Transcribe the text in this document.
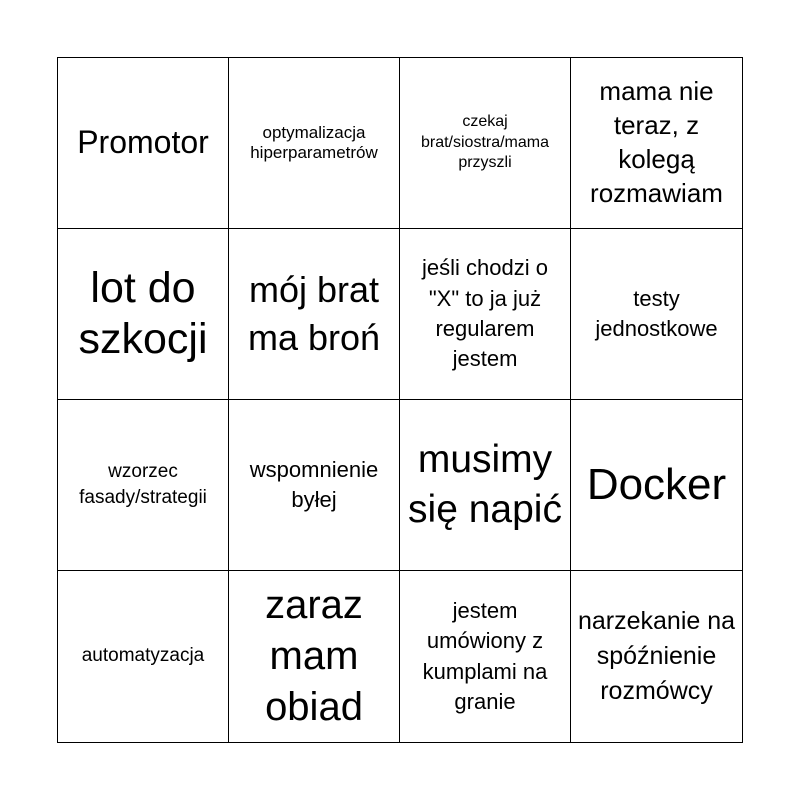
Promotor	optymalizacja hiperparametrów
czekaj brat/siostra/mama przyszli
mama nie teraz, z kolegą rozmawiam
lot do szkocji
mój brat ma broń
jeśli chodzi o "X" to ja już regularem jestem
testy jednostkowe
wzorzec fasady/strategii
wspomnienie byłej
musimy się napić
Docker
automatyzacja
zaraz mam obiad
jestem umówiony z kumplami na granie
narzekanie na spóźnienie rozmówcy
